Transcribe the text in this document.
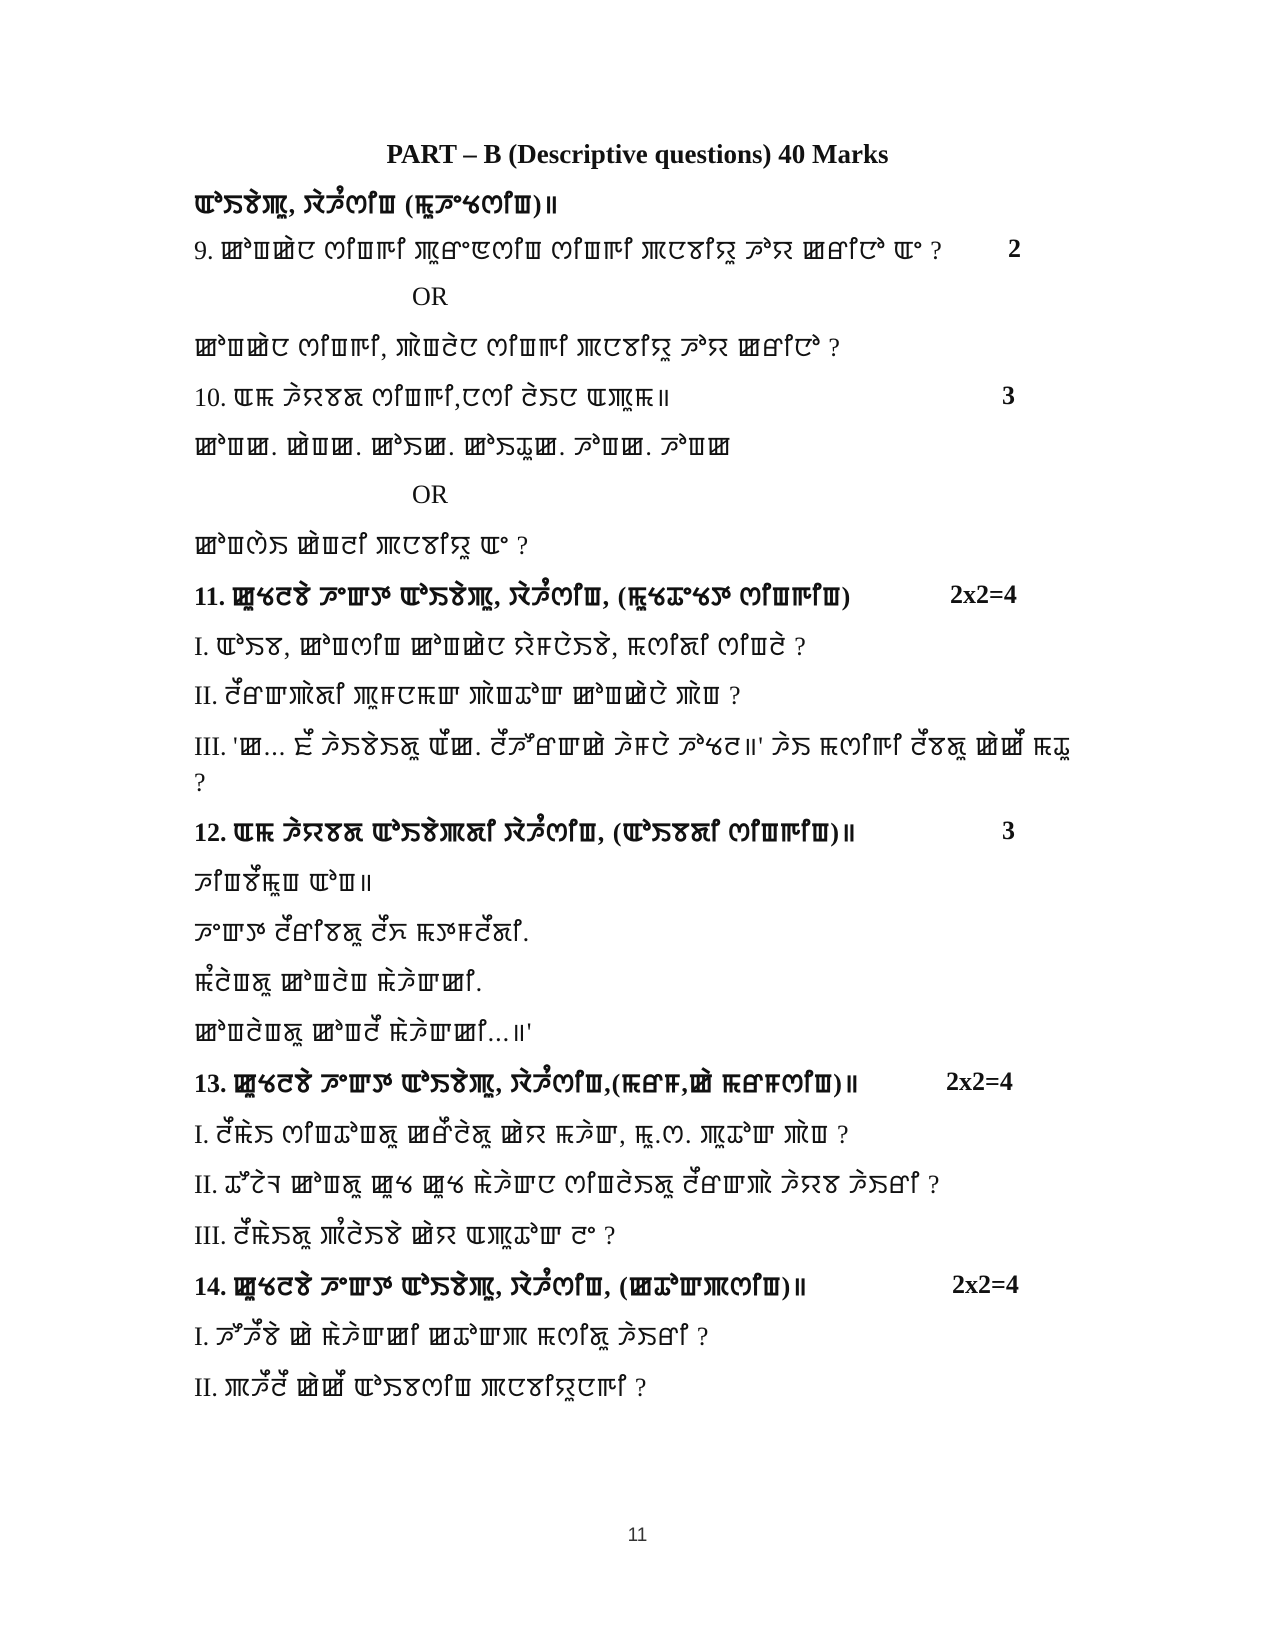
PART – B (Descriptive questions) 40 Marks
ꯑꯣꯏꯕꯥꯄꯨ, ꯋꯥꯍꯪꯁꯤꯡ (ꯃꯨꯍꯦꯠꯁꯤꯡ)॥
9. ꯀꯣꯡꯀꯥꯅ ꯁꯤꯡꯒꯤ ꯄꯨꯔꯦꯟꯁꯤꯡ ꯁꯤꯡꯒꯤ ꯄꯅꯕꯤꯌꯨ ꯍꯣꯌ ꯀꯔꯤꯅꯣ ꯑꯦ ?	2
OR
ꯀꯣꯡꯀꯥꯅ ꯁꯤꯡꯒꯤ, ꯄꯥꯡꯂꯥꯅ ꯁꯤꯡꯒꯤ ꯄꯅꯕꯤꯌꯨ ꯍꯣꯌ ꯀꯔꯤꯅꯣ ?
10. ꯑꯃ ꯍꯥꯌꯕꯗ ꯁꯤꯡꯒꯤ,ꯅꯁꯤ ꯂꯥꯏꯅ ꯑꯄꯨꯃ॥	3
ꯀꯣꯡꯀ. ꯀꯥꯡꯀ. ꯀꯣꯏꯀ. ꯀꯣꯏꯊꯨꯀ. ꯍꯣꯡꯀ. ꯍꯣꯡꯀ
OR
ꯀꯣꯡꯁꯥꯏ ꯀꯥꯡꯂꯤ ꯄꯅꯕꯤꯌꯨ ꯑꯦ ?
11. ꯀꯨꯠꯂꯕꯥ ꯍꯦꯛꯇ ꯑꯣꯏꯕꯥꯄꯨ, ꯋꯥꯍꯪꯁꯤꯡ, (ꯃꯨꯠꯊꯦꯠꯇ ꯁꯤꯡꯒꯤꯡ)	2x2=4
I. ꯑꯣꯏꯕ, ꯀꯣꯡꯁꯤꯡ ꯀꯣꯡꯀꯥꯅ ꯌꯥꯝꯅꯥꯏꯕꯥ, ꯃꯁꯤꯗꯤ ꯁꯤꯡꯂꯥ ?
II. ꯂꯩꯔꯛꯄꯥꯗꯤ ꯄꯨꯝꯅꯃꯛ ꯄꯥꯡꯊꯣꯛ ꯀꯣꯡꯀꯥꯅꯥ ꯄꯥꯡ ?
III. 'ꯀ... ꯐꯩ ꯍꯥꯏꯕꯥꯏꯗꯨ ꯑꯩꯀ. ꯂꯩꯍꯧꯔꯛꯀꯥ ꯍꯥꯝꯅꯥ ꯍꯣꯠꯂ॥' ꯍꯥꯏ ꯃꯁꯤꯒꯤ ꯂꯩꯕꯗꯨ ꯀꯥꯀꯩ ꯃꯊꯨ ?
12. ꯑꯃ ꯍꯥꯌꯕꯗ ꯑꯣꯏꯕꯥꯄꯗꯤ ꯋꯥꯍꯪꯁꯤꯡ, (ꯑꯣꯏꯕꯗꯤ ꯁꯤꯡꯒꯤꯡ)॥	3
ꯍꯤꯡꯕꯩꯃꯨꯡ ꯑꯣꯡ॥
ꯍꯦꯛꯇ ꯂꯩꯔꯤꯕꯗꯨ ꯂꯩꯈ ꯃꯇꯝꯂꯩꯗꯤ.
ꯃꯪꯂꯥꯡꯗꯨ ꯀꯣꯡꯂꯥꯡ ꯃꯥꯍꯥꯛꯀꯤ.
ꯀꯣꯡꯂꯥꯡꯗꯨ ꯀꯣꯡꯂꯩ ꯃꯥꯍꯥꯛꯀꯤ...॥'
13. ꯀꯨꯠꯂꯕꯥ ꯍꯦꯛꯇ ꯑꯣꯏꯕꯥꯄꯨ, ꯋꯥꯍꯪꯁꯤꯡ,(ꯃꯔꯝ,ꯀꯥ ꯃꯔꯝꯁꯤꯡ)॥	2x2=4
I. ꯂꯩꯃꯥꯏ ꯁꯤꯡꯊꯣꯡꯗꯨ ꯀꯔꯩꯂꯥꯗꯨ ꯀꯥꯌ ꯃꯍꯥꯛ, ꯃꯨ.ꯁ. ꯄꯨꯊꯣꯛ ꯄꯥꯡ ?
II. ꯊꯧꯖꯥꯜ ꯀꯣꯡꯗꯨ ꯀꯨꯠ ꯀꯨꯠ ꯃꯥꯍꯥꯛꯅ ꯁꯤꯡꯂꯥꯏꯗꯨ ꯂꯩꯔꯛꯄꯥ ꯍꯥꯌꯕ ꯍꯥꯏꯔꯤ ?
III. ꯂꯩꯃꯥꯏꯗꯨ ꯄꯪꯂꯥꯏꯕꯥ ꯀꯥꯌ ꯑꯄꯨꯊꯣꯛ ꯂꯦ ?
14. ꯀꯨꯠꯂꯕꯥ ꯍꯦꯛꯇ ꯑꯣꯏꯕꯥꯄꯨ, ꯋꯥꯍꯪꯁꯤꯡ, (ꯀꯊꯣꯛꯄꯁꯤꯡ)॥	2x2=4
I. ꯍꯧꯍꯩꯕꯥ ꯀꯥ ꯃꯥꯍꯥꯛꯀꯤ ꯀꯊꯣꯛꯄ ꯃꯁꯤꯗꯨ ꯍꯥꯏꯔꯤ ?
II. ꯄꯍꯩꯂꯩ ꯀꯥꯀꯩ ꯑꯣꯏꯕꯁꯤꯡ ꯄꯅꯕꯤꯌꯨꯅꯒꯤ ?
11
